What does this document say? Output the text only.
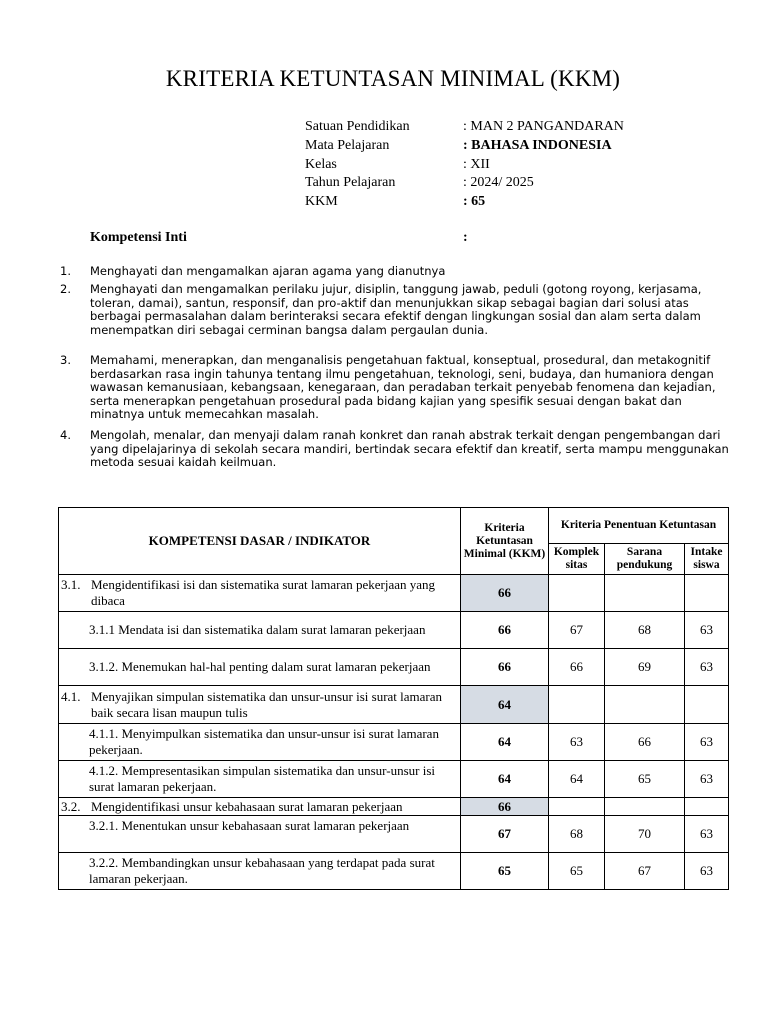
KRITERIA KETUNTASAN MINIMAL (KKM)
Satuan Pendidikan	: MAN 2 PANGANDARAN
Mata Pelajaran	: BAHASA INDONESIA
Kelas	: XII
Tahun Pelajaran	: 2024/ 2025
KKM	: 65
Kompetensi Inti	:
1. Menghayati dan mengamalkan ajaran agama yang dianutnya
2. Menghayati dan mengamalkan perilaku jujur, disiplin, tanggung jawab, peduli (gotong royong, kerjasama, toleran, damai), santun, responsif, dan pro-aktif dan menunjukkan sikap sebagai bagian dari solusi atas berbagai permasalahan dalam berinteraksi secara efektif dengan lingkungan sosial dan alam serta dalam menempatkan diri sebagai cerminan bangsa dalam pergaulan dunia.
3. Memahami, menerapkan, dan menganalisis pengetahuan faktual, konseptual, prosedural, dan metakognitif berdasarkan rasa ingin tahunya tentang ilmu pengetahuan, teknologi, seni, budaya, dan humaniora dengan wawasan kemanusiaan, kebangsaan, kenegaraan, dan peradaban terkait penyebab fenomena dan kejadian, serta menerapkan pengetahuan prosedural pada bidang kajian yang spesifik sesuai dengan bakat dan minatnya untuk memecahkan masalah.
4. Mengolah, menalar, dan menyaji dalam ranah konkret dan ranah abstrak terkait dengan pengembangan dari yang dipelajarinya di sekolah secara mandiri, bertindak secara efektif dan kreatif, serta mampu menggunakan metoda sesuai kaidah keilmuan.
KOMPETENSI DASAR / INDIKATOR	Kriteria Ketuntasan Minimal (KKM)	Kriteria Penentuan Ketuntasan		
		Komplek sitas	Sarana pendukung	Intake siswa

3.1. Mengidentifikasi isi dan sistematika surat lamaran pekerjaan yang dibaca	66			

3.1.1 Mendata isi dan sistematika dalam surat lamaran pekerjaan	66	67	68	63

3.1.2. Menemukan hal-hal penting dalam surat lamaran pekerjaan	66	66	69	63

4.1. Menyajikan simpulan sistematika dan unsur-unsur isi surat lamaran baik secara lisan maupun tulis	64			

4.1.1. Menyimpulkan sistematika dan unsur-unsur isi surat lamaran pekerjaan.	64	63	66	63

4.1.2. Mempresentasikan simpulan sistematika dan unsur-unsur isi surat lamaran pekerjaan.	64	64	65	63

3.2. Mengidentifikasi unsur kebahasaan surat lamaran pekerjaan	66			

3.2.1. Menentukan unsur kebahasaan surat lamaran pekerjaan	67	68	70	63

3.2.2. Membandingkan unsur kebahasaan yang terdapat pada surat lamaran pekerjaan.	65	65	67	63
